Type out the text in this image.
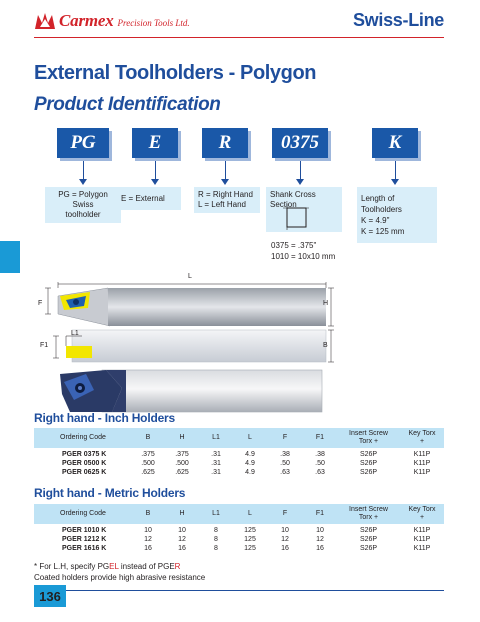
Carmex Precision Tools Ltd.	Swiss-Line
External Toolholders - Polygon
Product Identification
PG	E	R	0375	K
PG = Polygon Swiss
toolholder
E = External	R = Right Hand
L = Left Hand
Shank Cross Section
0375 = .375"
1010 = 10x10 mm
Length of Toolholders
K = 4.9"
K = 125 mm
L
F	H
L1
F1	B
Right hand - Inch Holders
Ordering Code	B	H	L1	L	F	F1	Insert Screw Torx +	Key Torx +
PGER 0375 K	.375	.375	.31	4.9	.38	.38	S26P	K11P
PGER 0500 K	.500	.500	.31	4.9	.50	.50	S26P	K11P
PGER 0625 K	.625	.625	.31	4.9	.63	.63	S26P	K11P
Right hand - Metric Holders
Ordering Code	B	H	L1	L	F	F1	Insert Screw Torx +	Key Torx +
PGER 1010 K	10	10	8	125	10	10	S26P	K11P
PGER 1212 K	12	12	8	125	12	12	S26P	K11P
PGER 1616 K	16	16	8	125	16	16	S26P	K11P
* For L.H, specify PGEL instead of PGER
Coated holders provide high abrasive resistance
136
